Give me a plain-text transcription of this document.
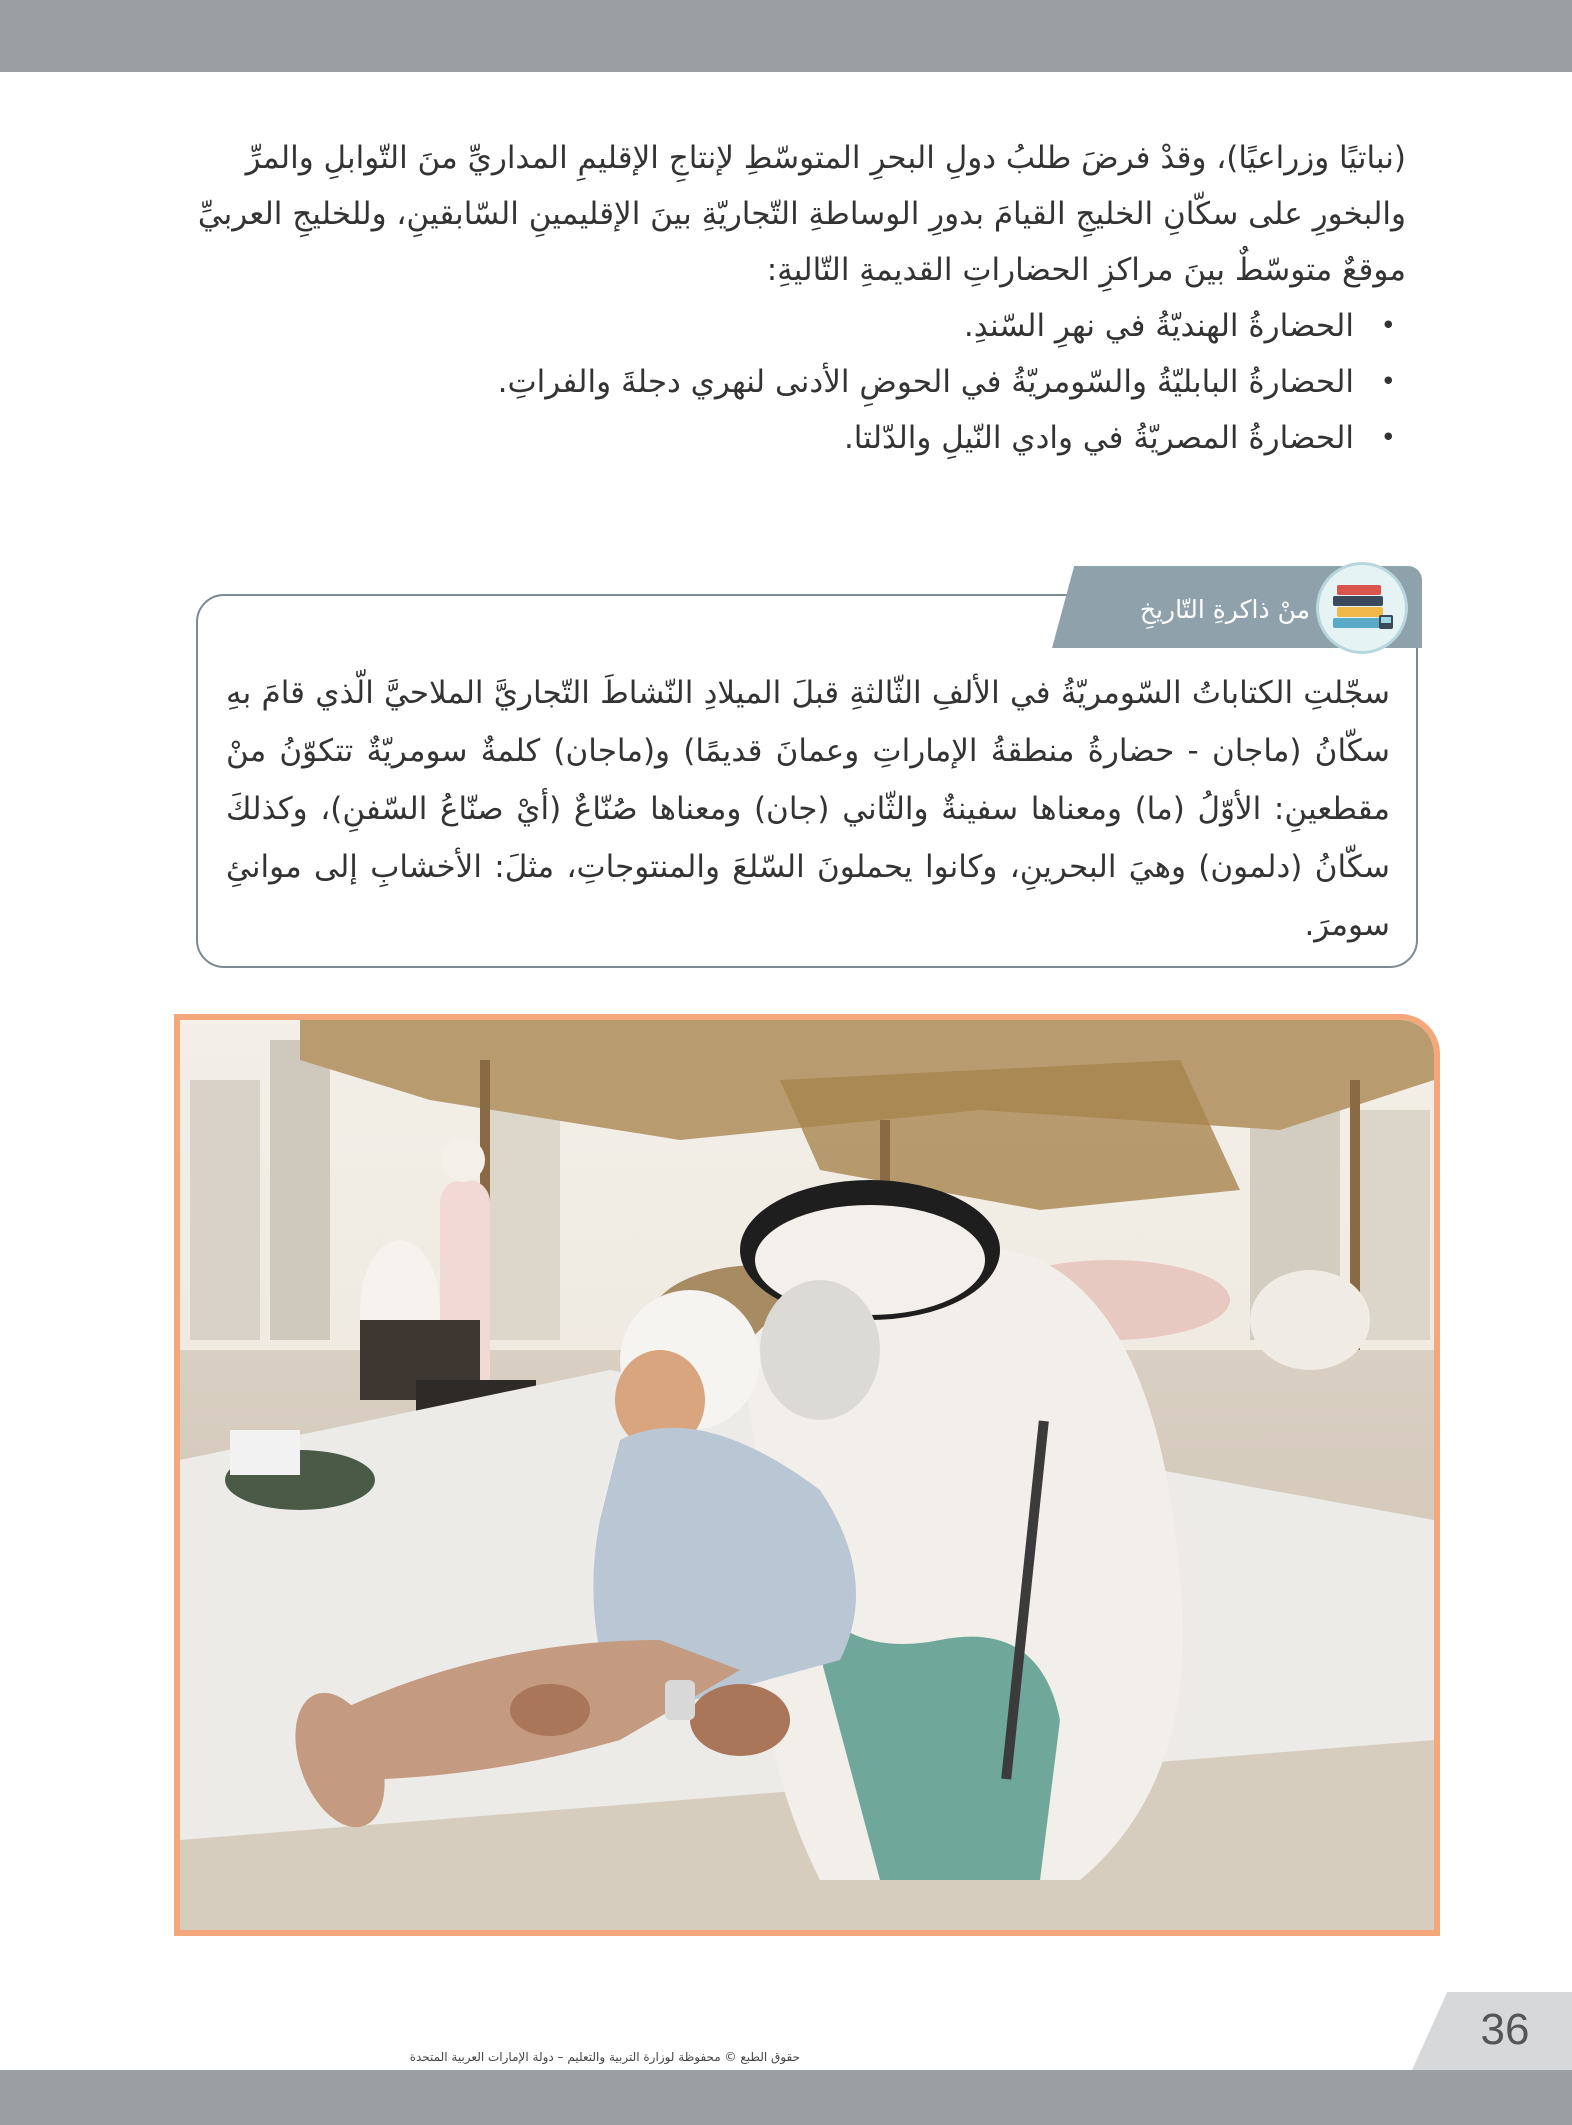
(نباتيًا وزراعيًا)، وقدْ فرضَ طلبُ دولِ البحرِ المتوسّطِ لإنتاجِ الإقليمِ المداريِّ منَ التّوابلِ والمرِّ

والبخورِ على سكّانِ الخليجِ القيامَ بدورِ الوساطةِ التّجاريّةِ بينَ الإقليمينِ السّابقينِ، وللخليجِ العربيِّ

موقعٌ متوسّطٌ بينَ مراكزِ الحضاراتِ القديمةِ التّاليةِ:

•
الحضارةُ الهنديّةُ في نهرِ السّندِ.
•
الحضارةُ البابليّةُ والسّومريّةُ في الحوضِ الأدنى لنهري دجلةَ والفراتِ.
•
الحضارةُ المصريّةُ في وادي النّيلِ والدّلتا.
منْ ذاكرةِ التّاريخِ
سجّلتِ الكتاباتُ السّومريّةُ في الألفِ الثّالثةِ قبلَ الميلادِ النّشاطَ التّجاريَّ الملاحيَّ الّذي قامَ بهِ سكّانُ (ماجان - حضارةُ منطقةُ الإماراتِ وعمانَ قديمًا) و(ماجان) كلمةٌ سومريّةٌ تتكوّنُ منْ مقطعينِ: الأوّلُ (ما) ومعناها سفينةٌ والثّاني (جان) ومعناها صُنّاعٌ (أيْ صنّاعُ السّفنِ)، وكذلكَ سكّانُ (دلمون) وهيَ البحرينِ، وكانوا يحملونَ السّلعَ والمنتوجاتِ، مثلَ: الأخشابِ إلى موانئِ سومرَ.
36
حقوق الطبع © محفوظة لوزارة التربية والتعليم – دولة الإمارات العربية المتحدة
